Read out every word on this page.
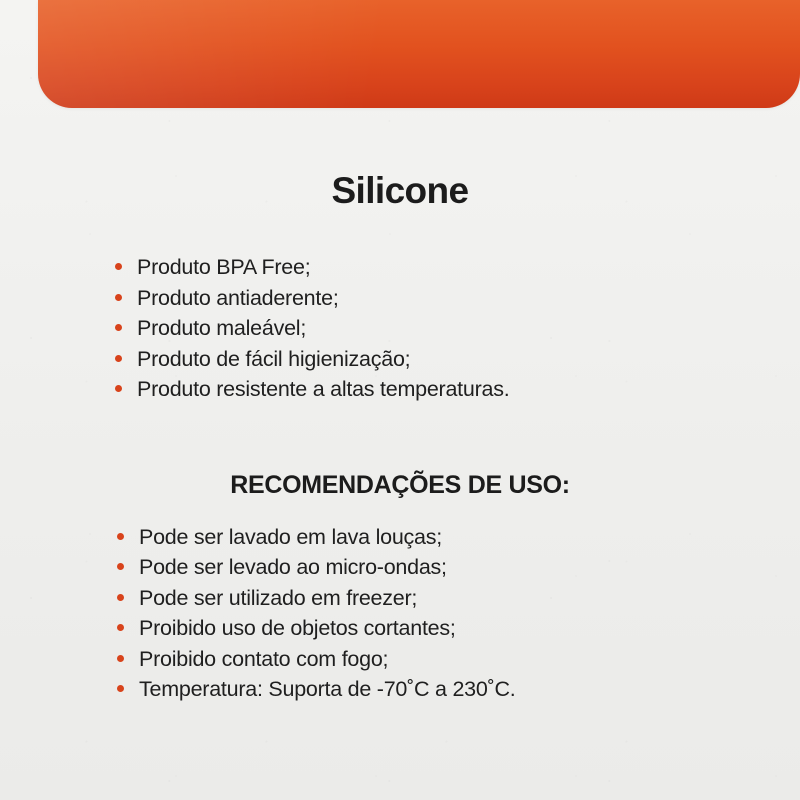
Silicone
Produto BPA Free;
Produto antiaderente;
Produto maleável;
Produto de fácil higienização;
Produto resistente a altas temperaturas.
RECOMENDAÇÕES DE USO:
Pode ser lavado em lava louças;
Pode ser levado ao micro-ondas;
Pode ser utilizado em freezer;
Proibido uso de objetos cortantes;
Proibido contato com fogo;
Temperatura: Suporta de -70˚C a 230˚C.
